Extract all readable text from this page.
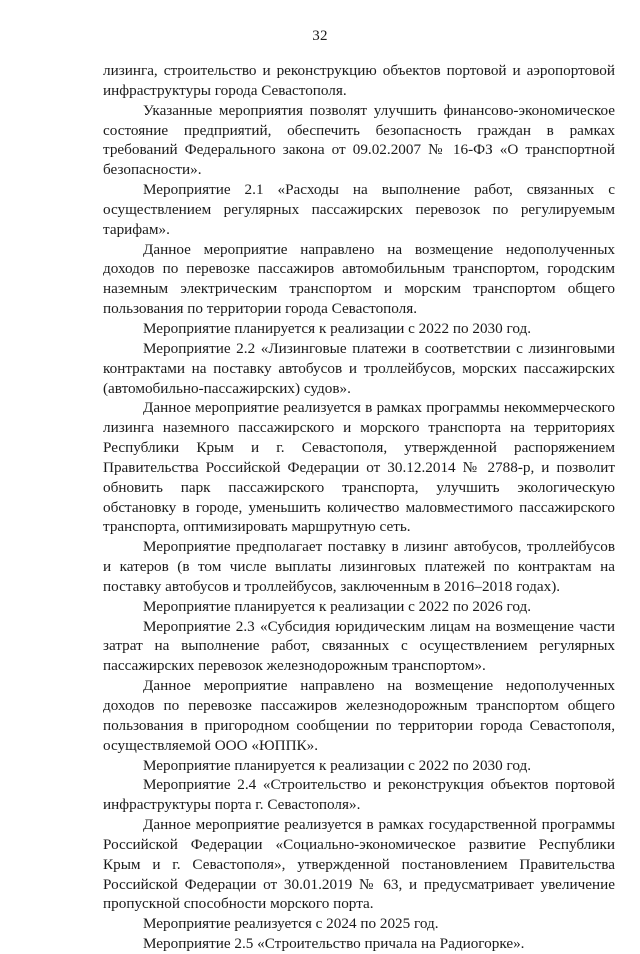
32

лизинга, строительство и реконструкцию объектов портовой и аэропортовой инфраструктуры города Севастополя.

Указанные мероприятия позволят улучшить финансово-экономическое состояние предприятий, обеспечить безопасность граждан в рамках требований Федерального закона от 09.02.2007 № 16-ФЗ «О транспортной безопасности».

Мероприятие 2.1 «Расходы на выполнение работ, связанных с осуществлением регулярных пассажирских перевозок по регулируемым тарифам».

Данное мероприятие направлено на возмещение недополученных доходов по перевозке пассажиров автомобильным транспортом, городским наземным электрическим транспортом и морским транспортом общего пользования по территории города Севастополя.

Мероприятие планируется к реализации с 2022 по 2030 год.

Мероприятие 2.2 «Лизинговые платежи в соответствии с лизинговыми контрактами на поставку автобусов и троллейбусов, морских пассажирских (автомобильно-пассажирских) судов».

Данное мероприятие реализуется в рамках программы некоммерческого лизинга наземного пассажирского и морского транспорта на территориях Республики Крым и г. Севастополя, утвержденной распоряжением Правительства Российской Федерации от 30.12.2014 № 2788-р, и позволит обновить парк пассажирского транспорта, улучшить экологическую обстановку в городе, уменьшить количество маловместимого пассажирского транспорта, оптимизировать маршрутную сеть.

Мероприятие предполагает поставку в лизинг автобусов, троллейбусов и катеров (в том числе выплаты лизинговых платежей по контрактам на поставку автобусов и троллейбусов, заключенным в 2016–2018 годах).

Мероприятие планируется к реализации с 2022 по 2026 год.

Мероприятие 2.3 «Субсидия юридическим лицам на возмещение части затрат на выполнение работ, связанных с осуществлением регулярных пассажирских перевозок железнодорожным транспортом».

Данное мероприятие направлено на возмещение недополученных доходов по перевозке пассажиров железнодорожным транспортом общего пользования в пригородном сообщении по территории города Севастополя, осуществляемой ООО «ЮППК».

Мероприятие планируется к реализации с 2022 по 2030 год.

Мероприятие 2.4 «Строительство и реконструкция объектов портовой инфраструктуры порта г. Севастополя».

Данное мероприятие реализуется в рамках государственной программы Российской Федерации «Социально-экономическое развитие Республики Крым и г. Севастополя», утвержденной постановлением Правительства Российской Федерации от 30.01.2019 № 63, и предусматривает увеличение пропускной способности морского порта.

Мероприятие реализуется с 2024 по 2025 год.

Мероприятие 2.5 «Строительство причала на Радиогорке».
